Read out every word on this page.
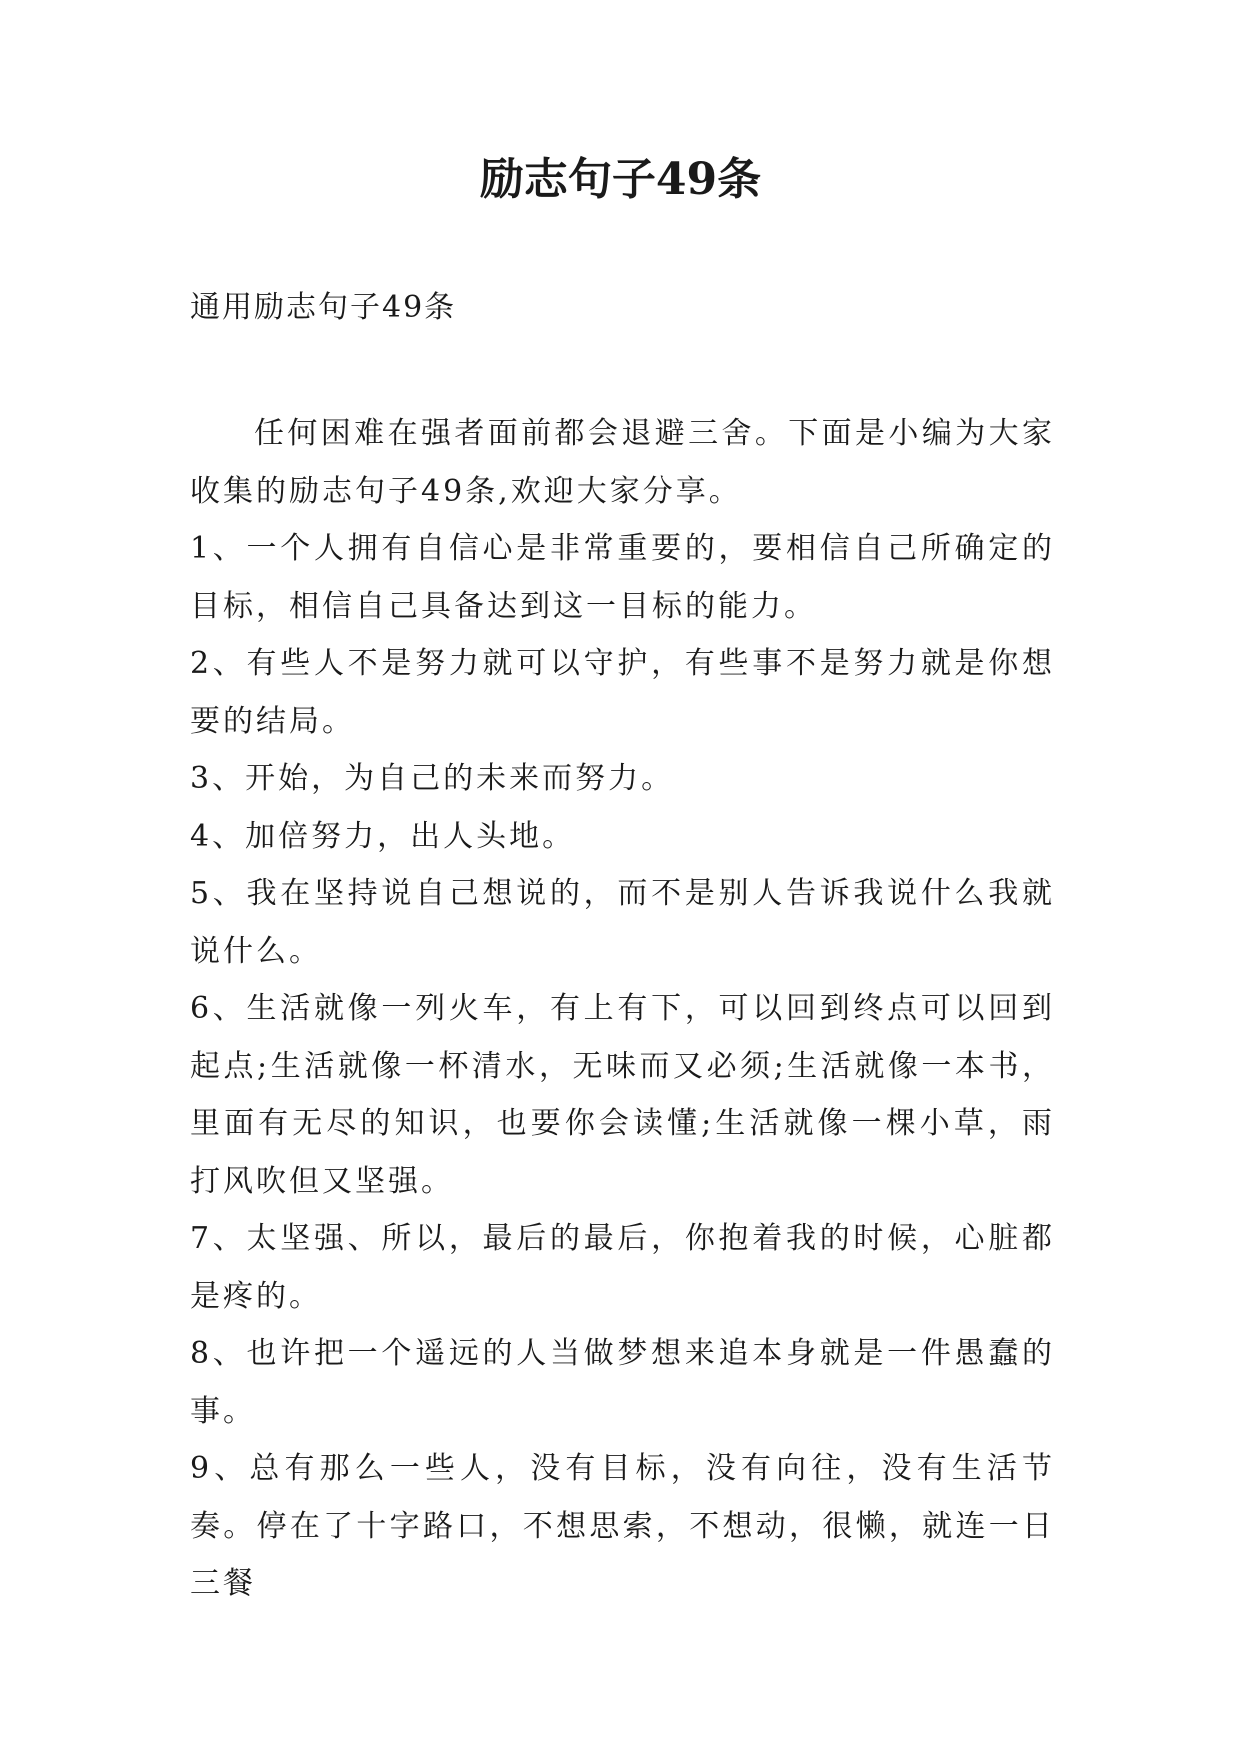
励志句子49条

通用励志句子49条

任何困难在强者面前都会退避三舍。下面是小编为大家收集的励志句子49条,欢迎大家分享。

1、一个人拥有自信心是非常重要的，要相信自己所确定的目标，相信自己具备达到这一目标的能力。

2、有些人不是努力就可以守护，有些事不是努力就是你想要的结局。

3、开始，为自己的未来而努力。

4、加倍努力，出人头地。

5、我在坚持说自己想说的，而不是别人告诉我说什么我就说什么。

6、生活就像一列火车，有上有下，可以回到终点可以回到起点;生活就像一杯清水，无味而又必须;生活就像一本书，里面有无尽的知识，也要你会读懂;生活就像一棵小草，雨打风吹但又坚强。

7、太坚强、所以，最后的最后，你抱着我的时候，心脏都是疼的。

8、也许把一个遥远的人当做梦想来追本身就是一件愚蠢的事。

9、总有那么一些人，没有目标，没有向往，没有生活节奏。停在了十字路口，不想思索，不想动，很懒，就连一日三餐
